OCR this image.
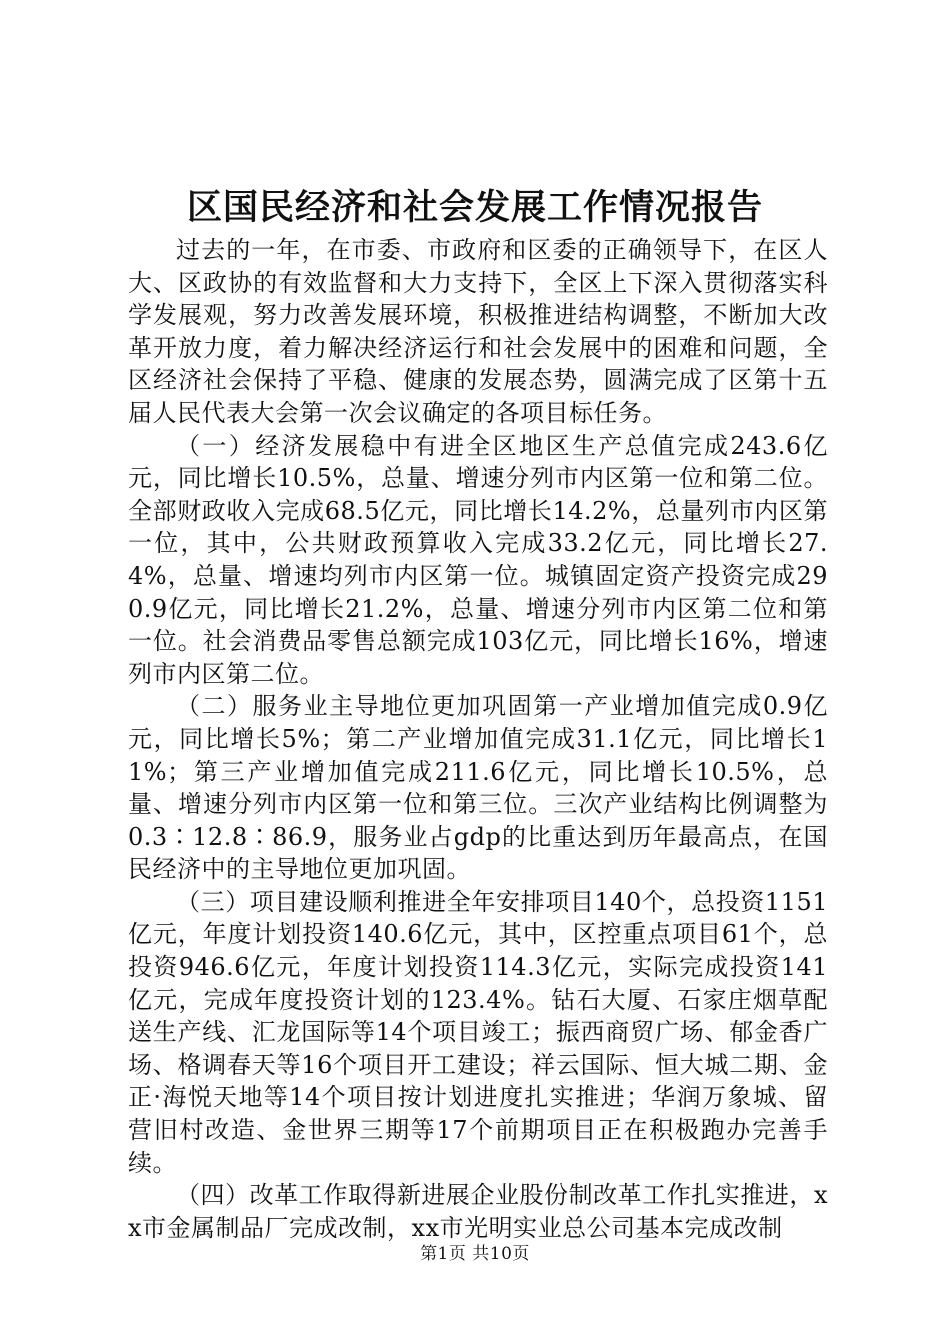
区国民经济和社会发展工作情况报告

过去的一年，在市委、市政府和区委的正确领导下，在区人大、区政协的有效监督和大力支持下，全区上下深入贯彻落实科学发展观，努力改善发展环境，积极推进结构调整，不断加大改革开放力度，着力解决经济运行和社会发展中的困难和问题，全区经济社会保持了平稳、健康的发展态势，圆满完成了区第十五届人民代表大会第一次会议确定的各项目标任务。

（一）经济发展稳中有进全区地区生产总值完成243.6亿元，同比增长10.5%，总量、增速分列市内区第一位和第二位。全部财政收入完成68.5亿元，同比增长14.2%，总量列市内区第一位，其中，公共财政预算收入完成33.2亿元，同比增长27.4%，总量、增速均列市内区第一位。城镇固定资产投资完成290.9亿元，同比增长21.2%，总量、增速分列市内区第二位和第一位。社会消费品零售总额完成103亿元，同比增长16%，增速列市内区第二位。

（二）服务业主导地位更加巩固第一产业增加值完成0.9亿元，同比增长5%；第二产业增加值完成31.1亿元，同比增长11%；第三产业增加值完成211.6亿元，同比增长10.5%，总量、增速分列市内区第一位和第三位。三次产业结构比例调整为0.3∶12.8∶86.9，服务业占gdp的比重达到历年最高点，在国民经济中的主导地位更加巩固。

（三）项目建设顺利推进全年安排项目140个，总投资1151亿元，年度计划投资140.6亿元，其中，区控重点项目61个，总投资946.6亿元，年度计划投资114.3亿元，实际完成投资141亿元，完成年度投资计划的123.4%。钻石大厦、石家庄烟草配送生产线、汇龙国际等14个项目竣工；振西商贸广场、郁金香广场、格调春天等16个项目开工建设；祥云国际、恒大城二期、金正·海悦天地等14个项目按计划进度扎实推进；华润万象城、留营旧村改造、金世界三期等17个前期项目正在积极跑办完善手续。

（四）改革工作取得新进展企业股份制改革工作扎实推进，xx市金属制品厂完成改制，xx市光明实业总公司基本完成改制

第1页 共10页
